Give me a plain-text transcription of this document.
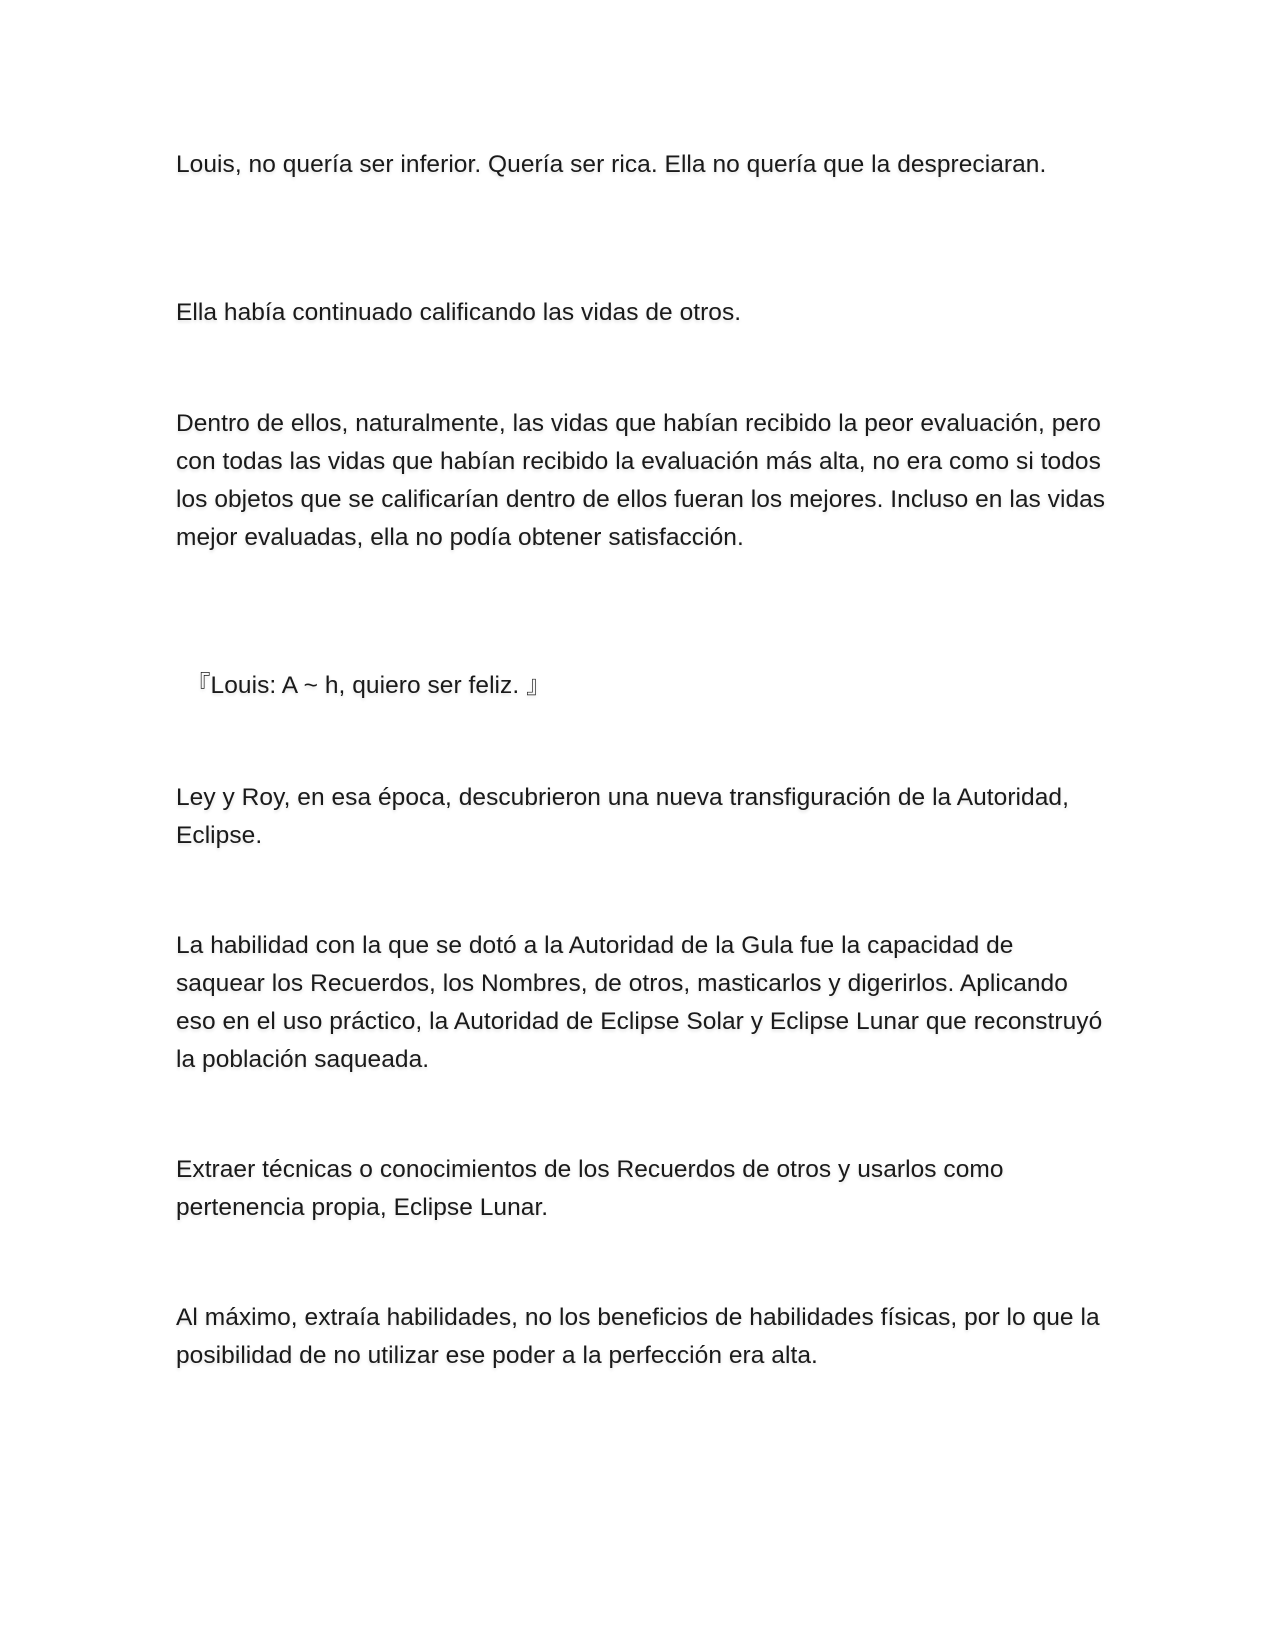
Louis, no quería ser inferior. Quería ser rica. Ella no quería que la despreciaran.

Ella había continuado calificando las vidas de otros.

Dentro de ellos, naturalmente, las vidas que habían recibido la peor evaluación, pero con todas las vidas que habían recibido la evaluación más alta, no era como si todos los objetos que se calificarían dentro de ellos fueran los mejores. Incluso en las vidas mejor evaluadas, ella no podía obtener satisfacción.

『Louis: A ~ h, quiero ser feliz. 』

Ley y Roy, en esa época, descubrieron una nueva transfiguración de la Autoridad, Eclipse.

La habilidad con la que se dotó a la Autoridad de la Gula fue la capacidad de saquear los Recuerdos, los Nombres, de otros, masticarlos y digerirlos. Aplicando eso en el uso práctico, la Autoridad de Eclipse Solar y Eclipse Lunar que reconstruyó la población saqueada.

Extraer técnicas o conocimientos de los Recuerdos de otros y usarlos como pertenencia propia, Eclipse Lunar.

Al máximo, extraía habilidades, no los beneficios de habilidades físicas, por lo que la posibilidad de no utilizar ese poder a la perfección era alta.
